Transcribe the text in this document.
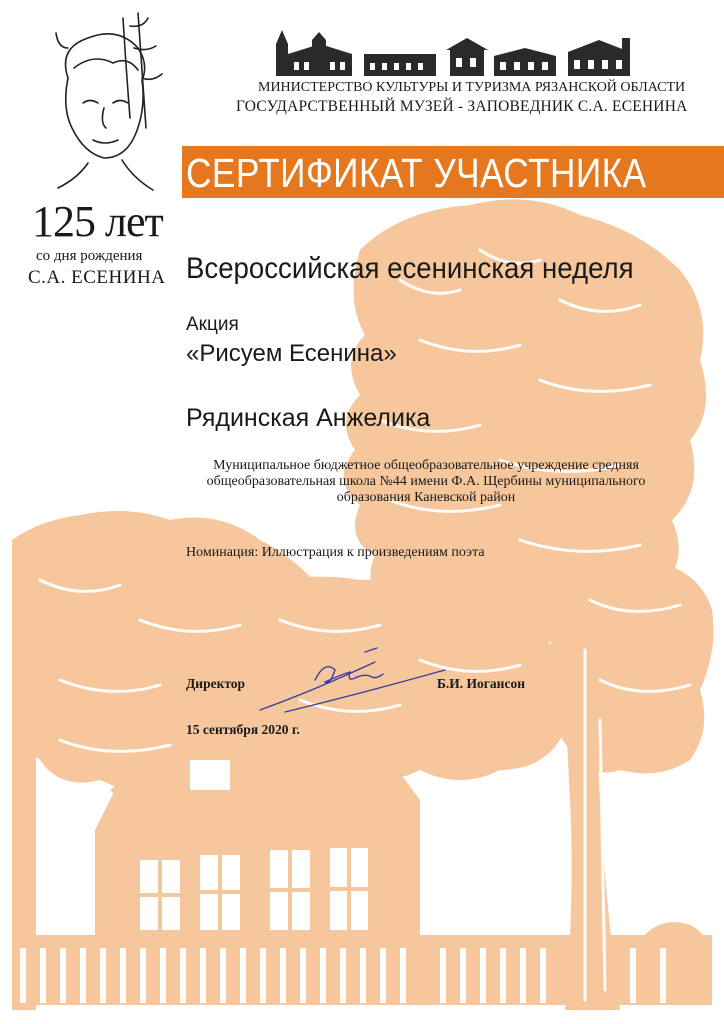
125 лет
со дня рождения
С.А. ЕСЕНИНА
МИНИСТЕРСТВО КУЛЬТУРЫ И ТУРИЗМА РЯЗАНСКОЙ ОБЛАСТИ
ГОСУДАРСТВЕННЫЙ МУЗЕЙ - ЗАПОВЕДНИК С.А. ЕСЕНИНА
СЕРТИФИКАТ УЧАСТНИКА
Всероссийская есенинская неделя
Акция
«Рисуем Есенина»
Рядинская Анжелика
Муниципальное бюджетное общеобразовательное учреждение средняя общеобразовательная школа №44 имени Ф.А. Щербины муниципального образования Каневской район
Номинация: Иллюстрация к произведениям поэта
Директор	Б.И. Иогансон
15 сентября 2020 г.
